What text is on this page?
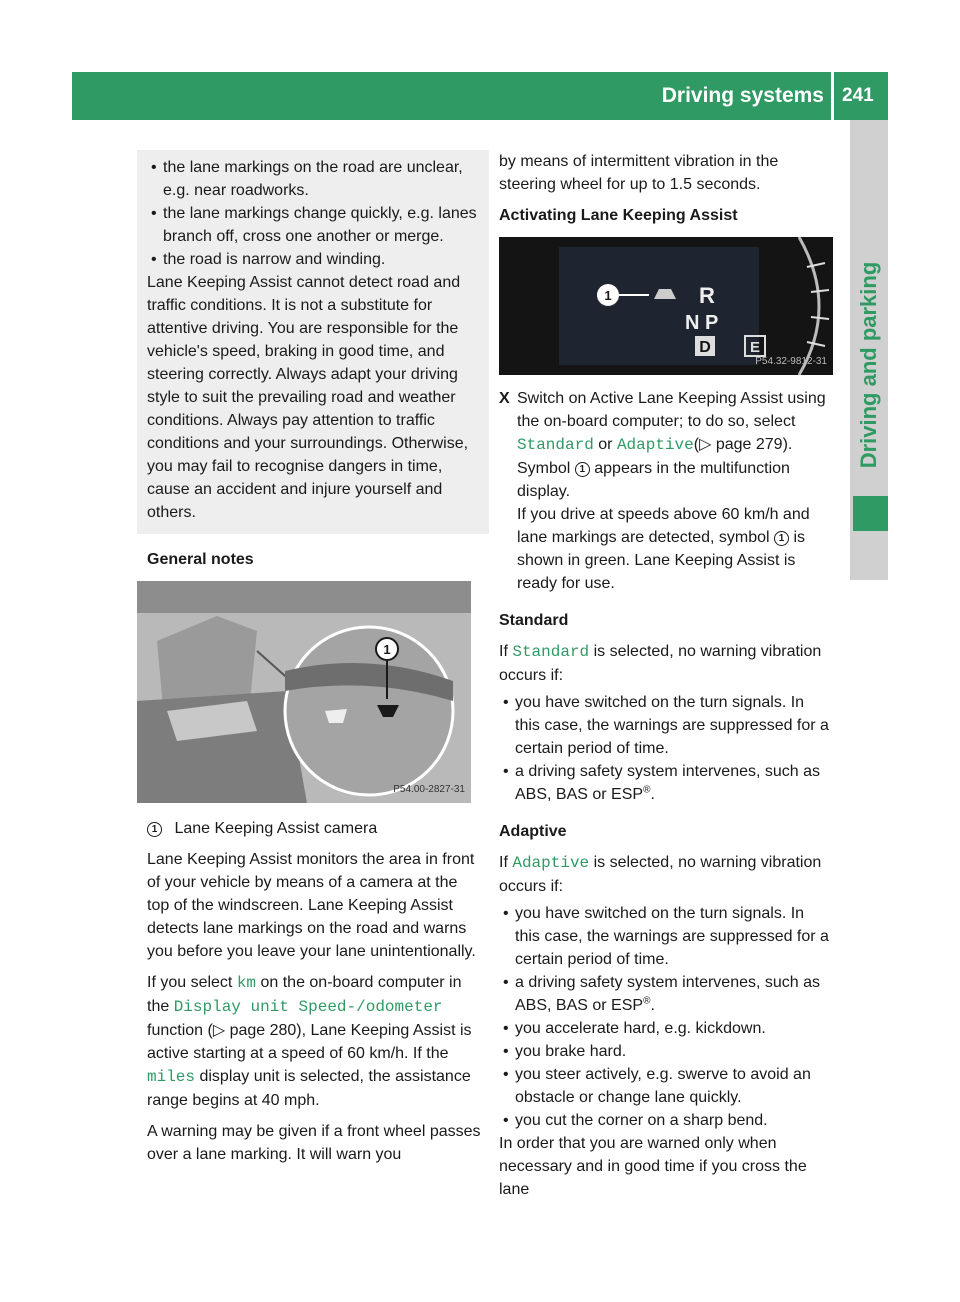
Driving systems 241
Driving and parking
• the lane markings on the road are unclear, e.g. near roadworks.
• the lane markings change quickly, e.g. lanes branch off, cross one another or merge.
• the road is narrow and winding.
Lane Keeping Assist cannot detect road and traffic conditions. It is not a substitute for attentive driving. You are responsible for the vehicle's speed, braking in good time, and steering correctly. Always adapt your driving style to suit the prevailing road and weather conditions. Always pay attention to traffic conditions and your surroundings. Otherwise, you may fail to recognise dangers in time, cause an accident and injure yourself and others.
General notes
1
P54.00-2827-31

1 Lane Keeping Assist camera

Lane Keeping Assist monitors the area in front of your vehicle by means of a camera at the top of the windscreen. Lane Keeping Assist detects lane markings on the road and warns you before you leave your lane unintentionally.

If you select km on the on-board computer in the Display unit Speed-/odometer function (▷ page 280), Lane Keeping Assist is active starting at a speed of 60 km/h. If the miles display unit is selected, the assistance range begins at 40 mph.

A warning may be given if a front wheel passes over a lane marking. It will warn you

by means of intermittent vibration in the steering wheel for up to 1.5 seconds.

Activating Lane Keeping Assist
1	R
N P
D	E
P54.32-9812-31
X Switch on Active Lane Keeping Assist using the on-board computer; to do so, select Standard or Adaptive(▷ page 279).

Symbol 1 appears in the multifunction display.

If you drive at speeds above 60 km/h and lane markings are detected, symbol 1 is shown in green. Lane Keeping Assist is ready for use.

Standard

If Standard is selected, no warning vibration occurs if:

• you have switched on the turn signals. In this case, the warnings are suppressed for a certain period of time.
• a driving safety system intervenes, such as ABS, BAS or ESP®.
Adaptive

If Adaptive is selected, no warning vibration occurs if:

• you have switched on the turn signals. In this case, the warnings are suppressed for a certain period of time.
• a driving safety system intervenes, such as ABS, BAS or ESP®.
• you accelerate hard, e.g. kickdown.
• you brake hard.
• you steer actively, e.g. swerve to avoid an obstacle or change lane quickly.
• you cut the corner on a sharp bend.

In order that you are warned only when necessary and in good time if you cross the lane
